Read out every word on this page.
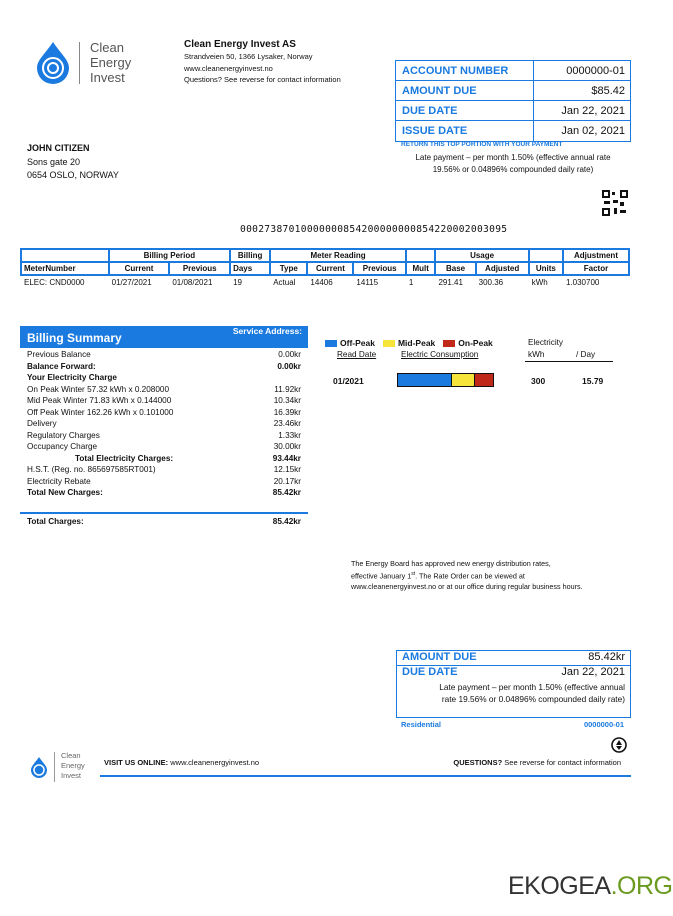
Clean
Energy
Invest
Clean Energy Invest AS
Strandveien 50, 1366 Lysaker, Norway
www.cleanenergyinvest.no
Questions? See reverse for contact information
ACCOUNT NUMBER	0000000-01
AMOUNT DUE	$85.42
DUE DATE	Jan 22, 2021
ISSUE DATE	Jan 02, 2021
RETURN THIS TOP PORTION WITH YOUR PAYMENT
Late payment – per month 1.50% (effective annual rate
19.56% or 0.04896% compounded daily rate)
JOHN CITIZEN
Sons gate 20
0654 OSLO, NORWAY
00027387010000000854200000000854220002003095
	Billing Period		Billing	Meter Reading				Usage			Adjustment
MeterNumber	Current	Previous	Days	Type	Current	Previous	Mult	Base	Adjusted	Units	Factor
ELEC: CND0000	01/27/2021	01/08/2021	19	Actual	14406	14115	1	291.41	300.36	kWh	1.030700
Billing Summary	Service Address:
Previous Balance	0.00kr
Balance Forward:	0.00kr
Your Electricity Charge
On Peak Winter 57.32 kWh x 0.208000	11.92kr
Mid Peak Winter 71.83 kWh x 0.144000	10.34kr
Off Peak Winter 162.26 kWh x 0.101000	16.39kr
Delivery	23.46kr
Regulatory Charges	1.33kr
Occupancy Charge	30.00kr
Total Electricity Charges:	93.44kr
H.S.T. (Reg. no. 865697585RT001)	12.15kr
Electricity Rebate	20.17kr
Total New Charges:	85.42kr
Total Charges:	85.42kr
Off-Peak	Mid-Peak	On-Peak	Electricity
Read Date	Electric Consumption	kWh	/ Day
01/2021	300	15.79
The Energy Board has approved new energy distribution rates,
effective January 1st. The Rate Order can be viewed at
www.cleanenergyinvest.no or at our office during regular business hours.
AMOUNT DUE	85.42kr
DUE DATE	Jan 22, 2021
Late payment – per month 1.50% (effective annual
rate 19.56% or 0.04896% compounded daily rate)
Residential	0000000-01
Clean
Energy
Invest
VISIT US ONLINE: www.cleanenergyinvest.no	QUESTIONS? See reverse for contact information
EKOGEA.ORG
